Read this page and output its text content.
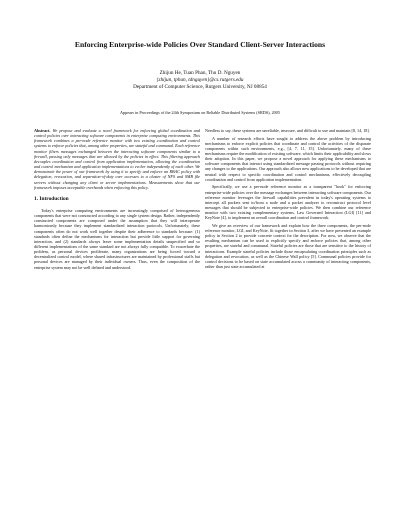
Enforcing Enterprise-wide Policies Over Standard Client-Server Interactions
Zhijun He, Tuan Phan, Thu D. Nguyen
{zhijun, tphan, tdnguyen}@cs.rutgers.edu
Department of Computer Science, Rutgers University, NJ 08854
Appears in Proceedings of the 24th Symposium on Reliable Distributed Systems (SRDS), 2005

Abstract. We propose and evaluate a novel framework for enforcing global coordination and control policies over interacting software components in enterprise computing environments. This framework combines a per-node reference monitor with two existing coordination and control systems to enforce policies that, among other properties, are stateful and communal. Each reference monitor filters messages exchanged between the interacting software components similar to a firewall, passing only messages that are allowed by the policies in effect. This filtering approach decouples coordination and control from application implementation, allowing the coordination and control mechanism and application implementations to evolve independently of each other. We demonstrate the power of our framework by using it to specify and enforce an RBAC policy with delegation, revocation, and separation-of-duty over accesses to a cluster of NFS and SMB file servers without changing any client or server implementations. Measurements show that our framework imposes acceptable overheads when enforcing this policy.

1. Introduction

Today's enterprise computing environments are increasingly comprised of heterogeneous components that were not constructed according to any single system design. Rather, independently constructed components are composed under the assumption that they will interoperate harmoniously because they implement standardized interaction protocols. Unfortunately, these components often do not work well together despite their adherence to standards because: (1) standards often define the mechanisms for interaction but provide little support for governing interaction, and (2) standards always leave some implementation details unspecified and so different implementations of the same standard are not always fully compatible. To exacerbate the problem, as personal devices proliferate, many organizations are being forced toward a decentralized control model, where shared infrastructures are maintained by professional staffs but personal devices are managed by their individual owners. Thus, even the composition of the enterprise system may not be well defined and understood.

Needless to say, these systems are unreliable, insecure, and difficult to use and maintain [8, 14, 18].

A number of research efforts have sought to address the above problem by introducing mechanisms to enforce explicit policies that coordinate and control the activities of the disparate components within such environments, e.g., [4, 7, 11, 15]. Unfortunately, many of these mechanisms require the modification of existing software, which limits their applicability and slows their adoption. In this paper, we propose a novel approach for applying these mechanisms to software components that interact using standardized message passing protocols without requiring any changes to the applications. Our approach also allows new applications to be developed that are neutral with respect to specific coordination and control mechanisms, effectively decoupling coordination and control from application implementation.

Specifically, we use a per-node reference monitor as a transparent "hook" for enforcing enterprise-wide policies over the message exchanges between interacting software components. Our reference monitor leverages the firewall capabilities prevalent in today's operating systems to intercept all packets sent to/from a node and a packet analyzer to reconstruct protocol level messages that should be subjected to enterprise-wide policies. We then combine our reference monitor with two existing complementary systems, Law Governed Interaction (LGI) [11] and KeyNote [4], to implement an overall coordination and control framework.

We give an overview of our framework and explain how the three components, the per-node reference monitor, LGI, and KeyNote, fit together in Section 3, after we have presented an example policy in Section 2 to provide concrete context for the description. For now, we observe that the resulting mechanism can be used to explicitly specify and enforce policies that, among other properties, are stateful and communal. Stateful policies are those that are sensitive to the history of interactions. Example stateful policies include those encapsulating coordination principles such as delegation and revocation, as well as the Chinese Wall policy [5]. Communal policies provide for control decisions to be based on state accumulated across a community of interacting components, rather than just state accumulated at
